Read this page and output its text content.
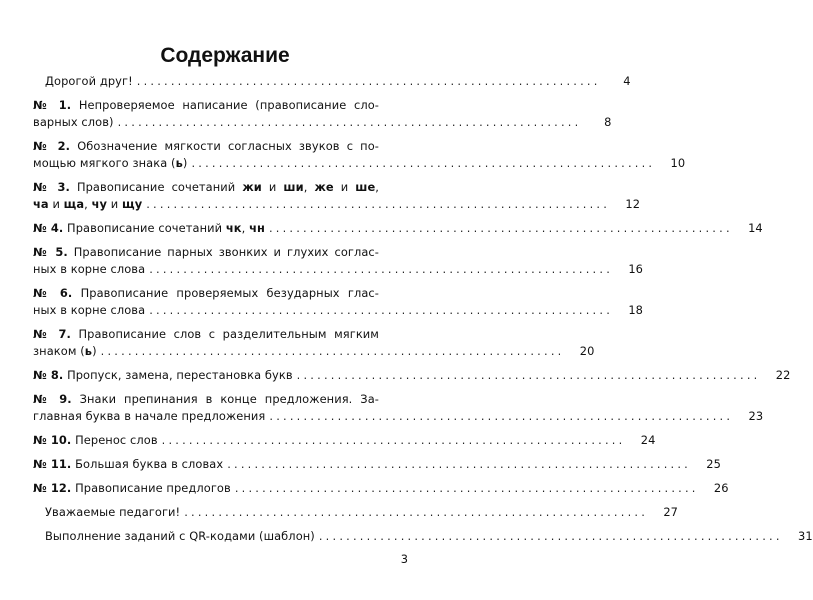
Содержание
Дорогой друг! ....................................................................	4
№ 1. Непроверяемое написание (правописание сло-
варных слов) ....................................................................	8
№ 2. Обозначение мягкости согласных звуков с по-
мощью мягкого знака (ь) ....................................................................	10
№ 3. Правописание сочетаний жи и ши, же и ше,
ча и ща, чу и щу ....................................................................	12
№ 4. Правописание сочетаний чк, чн ....................................................................	14
№ 5. Правописание парных звонких и глухих соглас-
ных в корне слова ....................................................................	16
№ 6. Правописание проверяемых безударных глас-
ных в корне слова ....................................................................	18
№ 7. Правописание слов с разделительным мягким
знаком (ь) ....................................................................	20
№ 8. Пропуск, замена, перестановка букв ....................................................................	22
№ 9. Знаки препинания в конце предложения. За-
главная буква в начале предложения ....................................................................	23
№ 10. Перенос слов ....................................................................	24
№ 11. Большая буква в словах ....................................................................	25
№ 12. Правописание предлогов ....................................................................	26
Уважаемые педагоги! ....................................................................	27
Выполнение заданий с QR-кодами (шаблон) ....................................................................	31
3
